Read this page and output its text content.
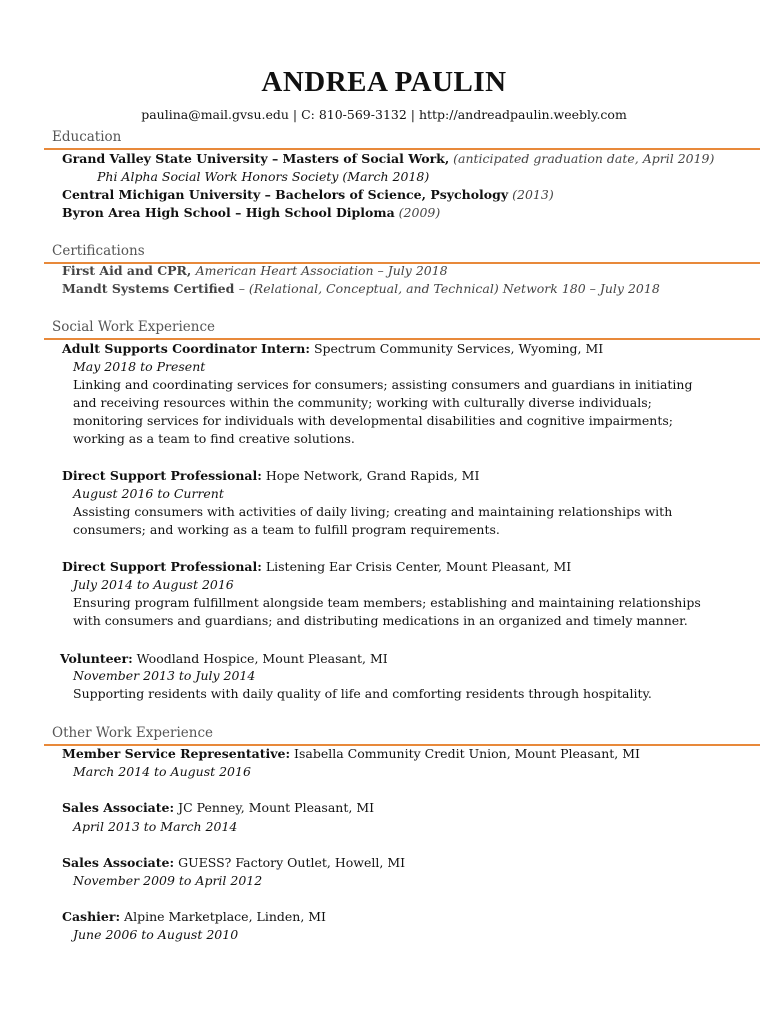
ANDREA PAULIN
paulina@mail.gvsu.edu | C: 810-569-3132 | http://andreadpaulin.weebly.com
Education
Grand Valley State University – Masters of Social Work, (anticipated graduation date, April 2019)
Phi Alpha Social Work Honors Society (March 2018)
Central Michigan University – Bachelors of Science, Psychology (2013)
Byron Area High School – High School Diploma (2009)
Certifications
First Aid and CPR, American Heart Association – July 2018
Mandt Systems Certified – (Relational, Conceptual, and Technical) Network 180 – July 2018
Social Work Experience
Adult Supports Coordinator Intern: Spectrum Community Services, Wyoming, MI
May 2018 to Present
Linking and coordinating services for consumers; assisting consumers and guardians in initiating
and receiving resources within the community; working with culturally diverse individuals;
monitoring services for individuals with developmental disabilities and cognitive impairments;
working as a team to find creative solutions.
Direct Support Professional: Hope Network, Grand Rapids, MI
August 2016 to Current
Assisting consumers with activities of daily living; creating and maintaining relationships with
consumers; and working as a team to fulfill program requirements.
Direct Support Professional: Listening Ear Crisis Center, Mount Pleasant, MI
July 2014 to August 2016
Ensuring program fulfillment alongside team members; establishing and maintaining relationships
with consumers and guardians; and distributing medications in an organized and timely manner.
Volunteer: Woodland Hospice, Mount Pleasant, MI
November 2013 to July 2014
Supporting residents with daily quality of life and comforting residents through hospitality.
Other Work Experience
Member Service Representative: Isabella Community Credit Union, Mount Pleasant, MI
March 2014 to August 2016
Sales Associate: JC Penney, Mount Pleasant, MI
April 2013 to March 2014
Sales Associate: GUESS? Factory Outlet, Howell, MI
November 2009 to April 2012
Cashier: Alpine Marketplace, Linden, MI
June 2006 to August 2010
